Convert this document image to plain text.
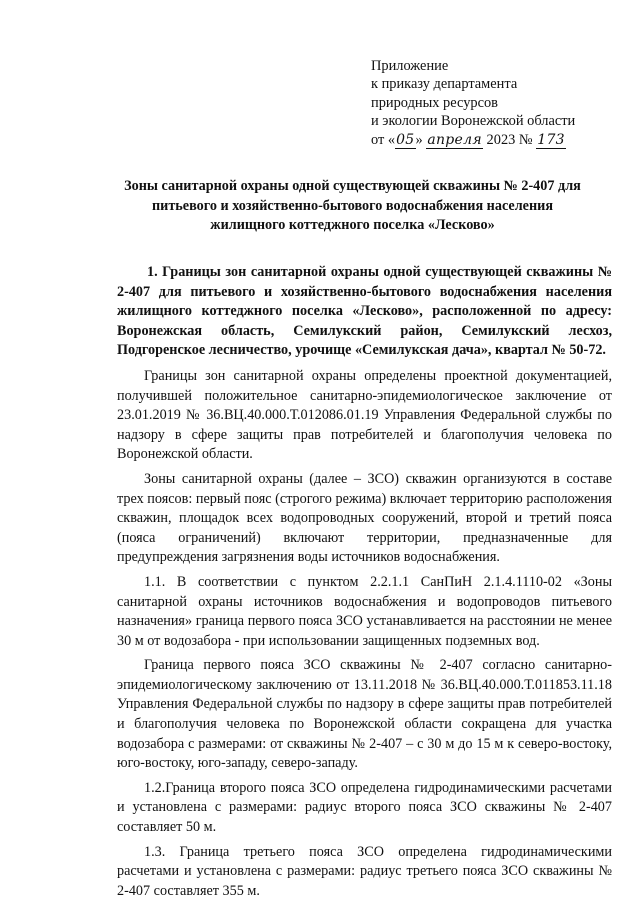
Приложение
к приказу департамента
природных ресурсов
и экологии Воронежской области
от «05» апреля 2023 № 173
Зоны санитарной охраны одной существующей скважины № 2-407 для
питьевого и хозяйственно-бытового водоснабжения населения
жилищного коттеджного поселка «Лесково»

1. Границы зон санитарной охраны одной существующей скважины № 2-407 для питьевого и хозяйственно-бытового водоснабжения населения жилищного коттеджного поселка «Лесково», расположенной по адресу: Воронежская область, Семилукский район, Семилукский лесхоз, Подгоренское лесничество, урочище «Семилукская дача», квартал № 50-72.

Границы зон санитарной охраны определены проектной документацией, получившей положительное санитарно-эпидемиологическое заключение от 23.01.2019 № 36.ВЦ.40.000.Т.012086.01.19 Управления Федеральной службы по надзору в сфере защиты прав потребителей и благополучия человека по Воронежской области.

Зоны санитарной охраны (далее – ЗСО) скважин организуются в составе трех поясов: первый пояс (строгого режима) включает территорию расположения скважин, площадок всех водопроводных сооружений, второй и третий пояса (пояса ограничений) включают территории, предназначенные для предупреждения загрязнения воды источников водоснабжения.

1.1. В соответствии с пунктом 2.2.1.1 СанПиН 2.1.4.1110-02 «Зоны санитарной охраны источников водоснабжения и водопроводов питьевого назначения» граница первого пояса ЗСО устанавливается на расстоянии не менее 30 м от водозабора - при использовании защищенных подземных вод.

Граница первого пояса ЗСО скважины № 2-407 согласно санитарно-эпидемиологическому заключению от 13.11.2018 № 36.ВЦ.40.000.Т.011853.11.18 Управления Федеральной службы по надзору в сфере защиты прав потребителей и благополучия человека по Воронежской области сокращена для участка водозабора с размерами: от скважины № 2-407 – с 30 м до 15 м к северо-востоку, юго-востоку, юго-западу, северо-западу.

1.2.Граница второго пояса ЗСО определена гидродинамическими расчетами и установлена с размерами: радиус второго пояса ЗСО скважины № 2-407 составляет 50 м.

1.3. Граница третьего пояса ЗСО определена гидродинамическими расчетами и установлена с размерами: радиус третьего пояса ЗСО скважины № 2-407 составляет 355 м.
